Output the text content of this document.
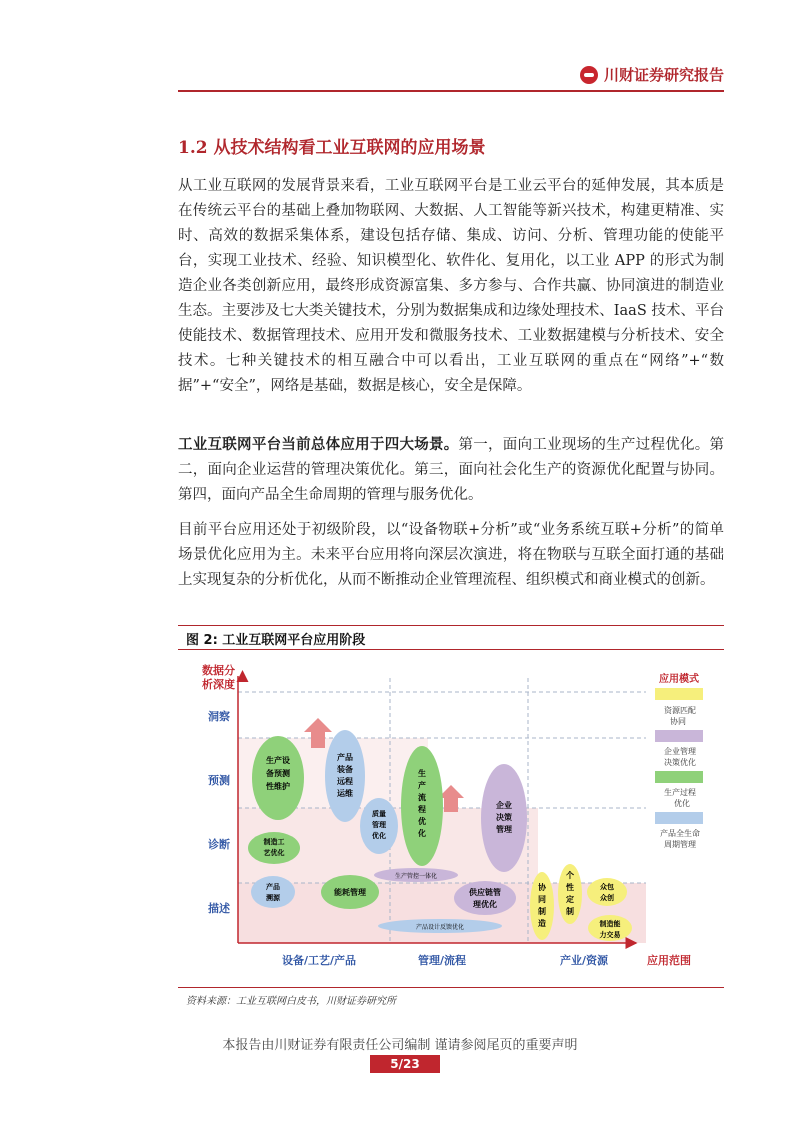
川财证券研究报告
1.2 从技术结构看工业互联网的应用场景

从工业互联网的发展背景来看，工业互联网平台是工业云平台的延伸发展，其本质是在传统云平台的基础上叠加物联网、大数据、人工智能等新兴技术，构建更精准、实时、高效的数据采集体系，建设包括存储、集成、访问、分析、管理功能的使能平台，实现工业技术、经验、知识模型化、软件化、复用化，以工业 APP 的形式为制造企业各类创新应用，最终形成资源富集、多方参与、合作共赢、协同演进的制造业生态。主要涉及七大类关键技术，分别为数据集成和边缘处理技术、IaaS 技术、平台使能技术、数据管理技术、应用开发和微服务技术、工业数据建模与分析技术、安全技术。七种关键技术的相互融合中可以看出，工业互联网的重点在“网络”+“数据”+“安全”，网络是基础，数据是核心，安全是保障。

工业互联网平台当前总体应用于四大场景。第一，面向工业现场的生产过程优化。第二，面向企业运营的管理决策优化。第三，面向社会化生产的资源优化配置与协同。第四，面向产品全生命周期的管理与服务优化。

目前平台应用还处于初级阶段，以“设备物联+分析”或“业务系统互联+分析”的简单场景优化应用为主。未来平台应用将向深层次演进，将在物联与互联全面打通的基础上实现复杂的分析优化，从而不断推动企业管理流程、组织模式和商业模式的创新。

图 2: 工业互联网平台应用阶段
数据分
析深度
洞察
预测
诊断
描述
设备/工艺/产品	管理/流程	产业/资源	应用范围
应用模式
资源匹配
协同
企业管理
决策优化
生产过程
优化
产品全生命
周期管理
生产设
备预测
性维护
产品
装备
远程
运维
质量
管理
优化
制造工
艺优化
产品
溯源
能耗管理
生
产
流
程
优
化
生产管控一体化
企业
决策
管理
供应链管
理优化
产品设计反馈优化
协
同
制
造
个
性
定
制
众包
众创
制造能
力交易
资料来源：工业互联网白皮书，川财证券研究所
本报告由川财证券有限责任公司编制 谨请参阅尾页的重要声明
5/23
